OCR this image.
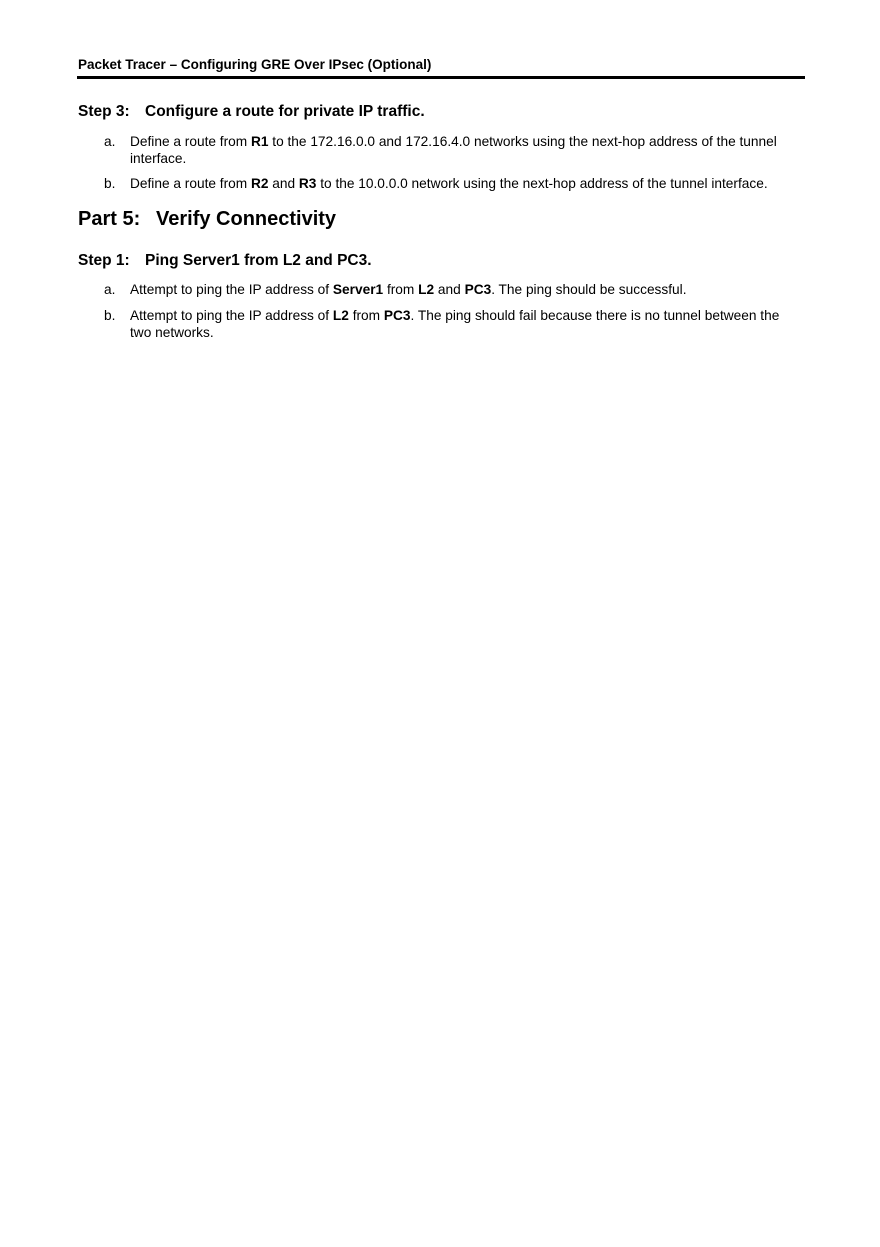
Packet Tracer – Configuring GRE Over IPsec (Optional)
Step 3: Configure a route for private IP traffic.
a. Define a route from R1 to the 172.16.0.0 and 172.16.4.0 networks using the next-hop address of the tunnel interface.
b. Define a route from R2 and R3 to the 10.0.0.0 network using the next-hop address of the tunnel interface.
Part 5: Verify Connectivity
Step 1: Ping Server1 from L2 and PC3.
a. Attempt to ping the IP address of Server1 from L2 and PC3. The ping should be successful.
b. Attempt to ping the IP address of L2 from PC3. The ping should fail because there is no tunnel between the two networks.
